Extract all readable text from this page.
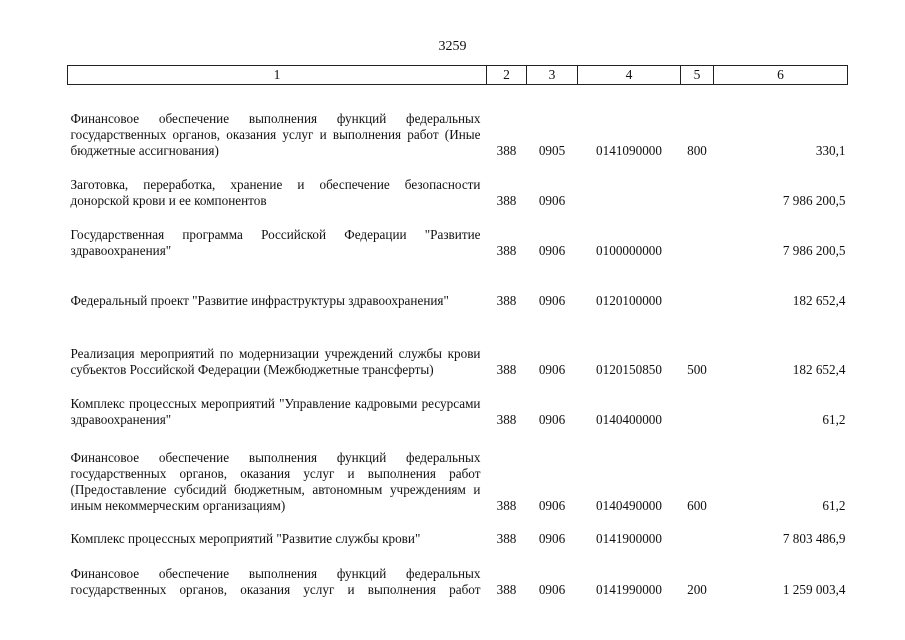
3259
1	2	3	4	5	6
Финансовое обеспечение выполнения функций федеральных государственных органов, оказания услуг и выполнения работ (Иные бюджетные ассигнования)	388	0905	0141090000	800	330,1
Заготовка, переработка, хранение и обеспечение безопасности донорской крови и ее компонентов	388	0906			7 986 200,5
Государственная программа Российской Федерации "Развитие здравоохранения"	388	0906	0100000000		7 986 200,5
Федеральный проект "Развитие инфраструктуры здравоохранения"	388	0906	0120100000		182 652,4
Реализация мероприятий по модернизации учреждений службы крови субъектов Российской Федерации (Межбюджетные трансферты)	388	0906	0120150850	500	182 652,4
Комплекс процессных мероприятий "Управление кадровыми ресурсами здравоохранения"	388	0906	0140400000		61,2
Финансовое обеспечение выполнения функций федеральных государственных органов, оказания услуг и выполнения работ (Предоставление субсидий бюджетным, автономным учреждениям и иным некоммерческим организациям)	388	0906	0140490000	600	61,2
Комплекс процессных мероприятий "Развитие службы крови"	388	0906	0141900000		7 803 486,9
Финансовое обеспечение выполнения функций федеральных государственных органов, оказания услуг и выполнения работ	388	0906	0141990000	200	1 259 003,4
